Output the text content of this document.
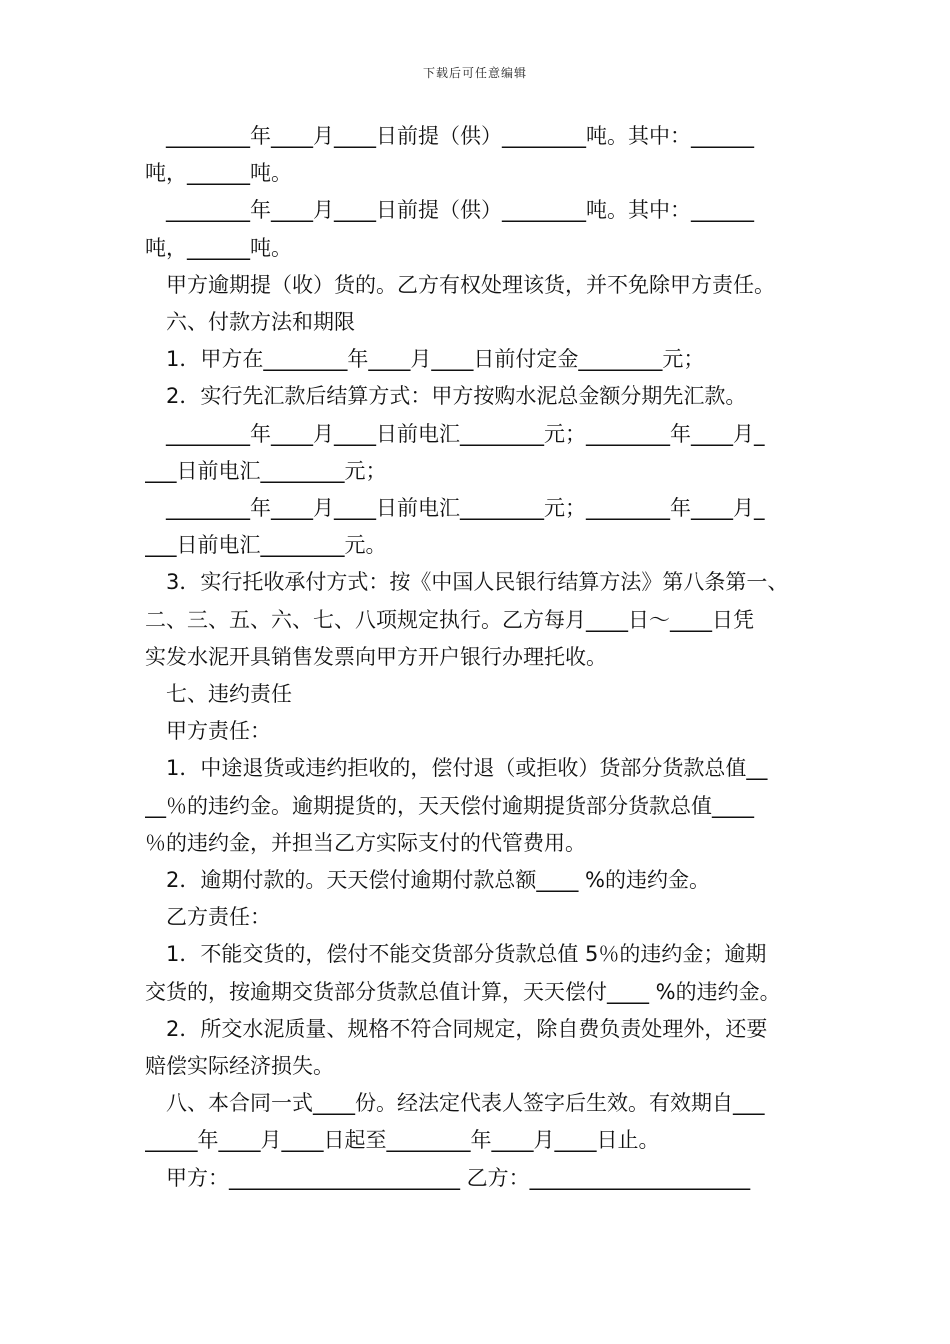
下载后可任意编辑

________年____月____日前提（供）________吨。其中：______

吨，______吨。

________年____月____日前提（供）________吨。其中：______

吨，______吨。

甲方逾期提（收）货的。乙方有权处理该货，并不免除甲方责任。

六、付款方法和期限

1．甲方在________年____月____日前付定金________元；

2．实行先汇款后结算方式：甲方按购水泥总金额分期先汇款。

________年____月____日前电汇________元；________年____月_

___日前电汇________元；

________年____月____日前电汇________元；________年____月_

___日前电汇________元。

3．实行托收承付方式：按《中国人民银行结算方法》第八条第一、

二、三、五、六、七、八项规定执行。乙方每月____日～____日凭

实发水泥开具销售发票向甲方开户银行办理托收。

七、违约责任

甲方责任：

1．中途退货或违约拒收的，偿付退（或拒收）货部分货款总值__

__％的违约金。逾期提货的，天天偿付逾期提货部分货款总值____

％的违约金，并担当乙方实际支付的代管费用。

2．逾期付款的。天天偿付逾期付款总额____ %的违约金。

乙方责任：

1．不能交货的，偿付不能交货部分货款总值 5％的违约金；逾期

交货的，按逾期交货部分货款总值计算，天天偿付____ %的违约金。

2．所交水泥质量、规格不符合同规定，除自费负责处理外，还要

赔偿实际经济损失。

八、本合同一式____份。经法定代表人签字后生效。有效期自___

_____年____月____日起至________年____月____日止。

甲方：______________________ 乙方：_____________________
